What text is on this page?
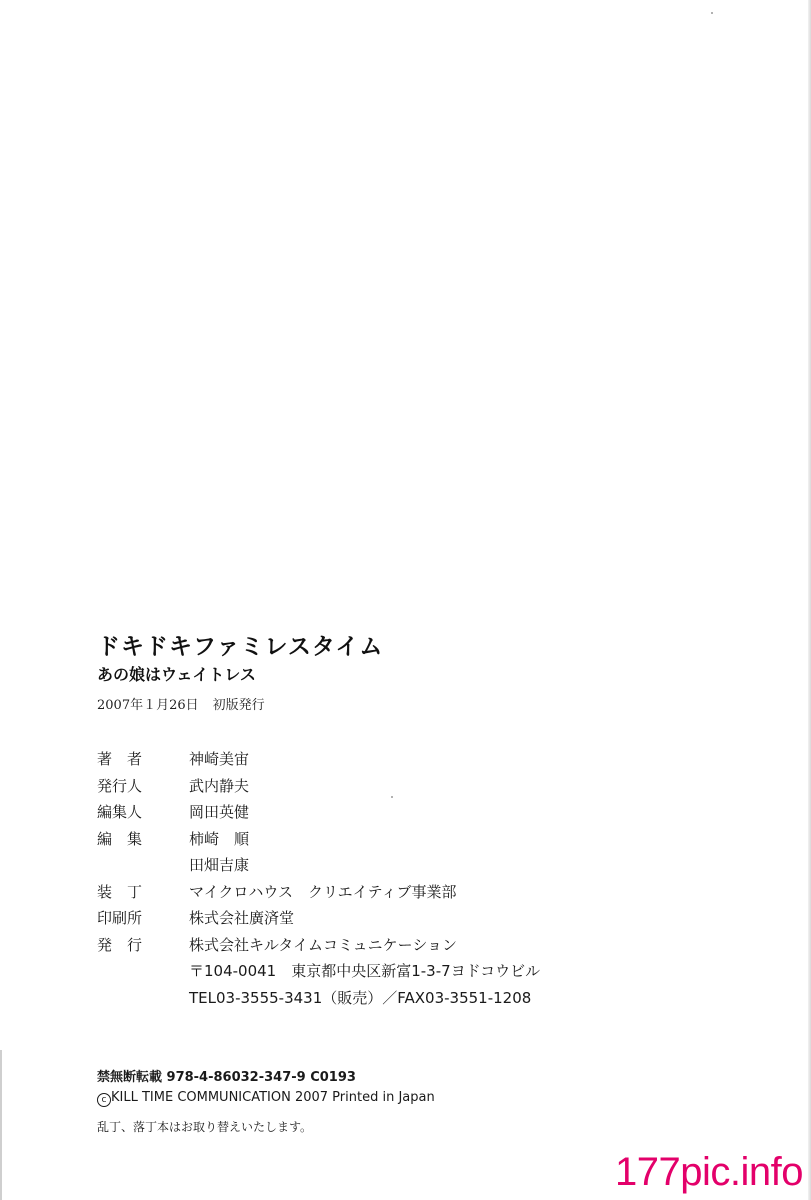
ドキドキファミレスタイム
あの娘はウェイトレス
2007年１月26日 初版発行
著　者	神崎美宙
発行人	武内静夫
編集人	岡田英健
編　集	柿崎　順
田畑吉康
装　丁	マイクロハウス　クリエイティブ事業部
印刷所	株式会社廣済堂
発　行	株式会社キルタイムコミュニケーション
〒104-0041　東京都中央区新富1-3-7ヨドコウビル
TEL03-3555-3431（販売）／FAX03-3551-1208
禁無断転載 978-4-86032-347-9 C0193
c KILL TIME COMMUNICATION 2007 Printed in Japan
乱丁、落丁本はお取り替えいたします。
177pic.info
